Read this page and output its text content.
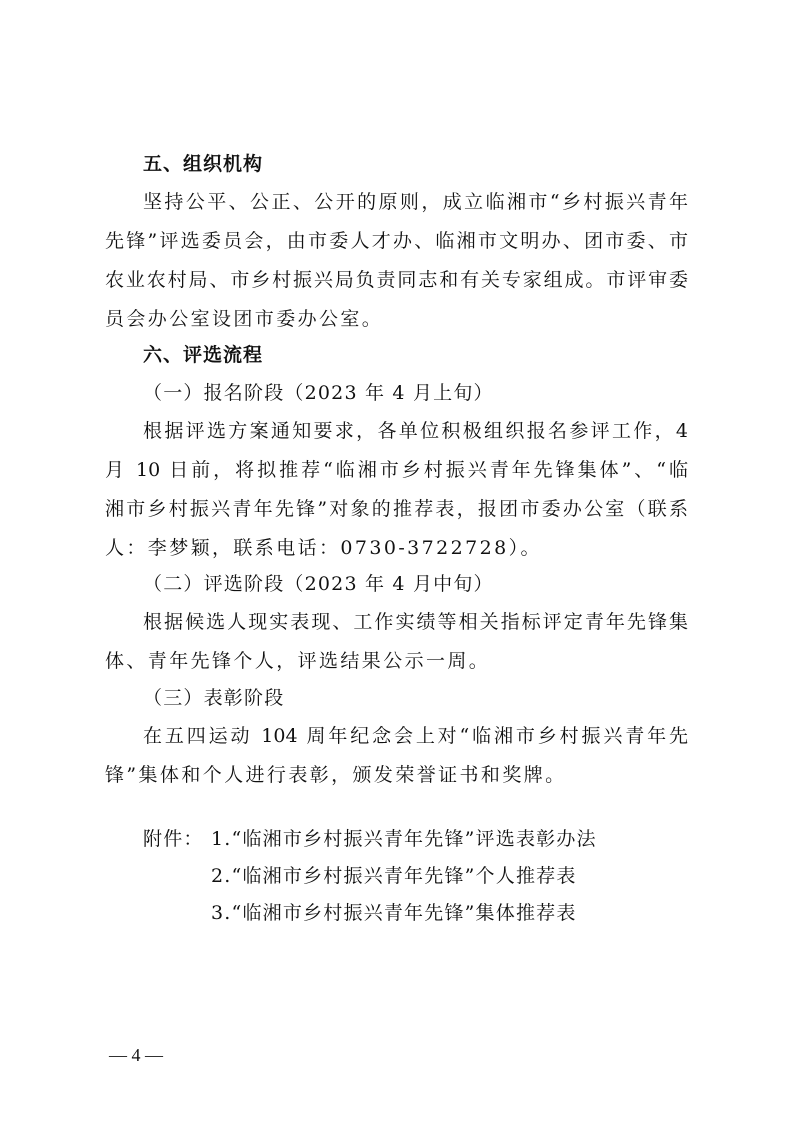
五、组织机构
坚持公平、公正、公开的原则，成立临湘市“乡村振兴青年
先锋”评选委员会，由市委人才办、临湘市文明办、团市委、市
农业农村局、市乡村振兴局负责同志和有关专家组成。市评审委
员会办公室设团市委办公室。
六、评选流程
（一）报名阶段（2023 年 4 月上旬）
根据评选方案通知要求，各单位积极组织报名参评工作，4
月 10 日前，将拟推荐“临湘市乡村振兴青年先锋集体”、“临
湘市乡村振兴青年先锋”对象的推荐表，报团市委办公室（联系
人：李梦颖，联系电话：0730-3722728）。
（二）评选阶段（2023 年 4 月中旬）
根据候选人现实表现、工作实绩等相关指标评定青年先锋集
体、青年先锋个人，评选结果公示一周。
（三）表彰阶段
在五四运动 104 周年纪念会上对“临湘市乡村振兴青年先
锋”集体和个人进行表彰，颁发荣誉证书和奖牌。
附件： 1.“临湘市乡村振兴青年先锋”评选表彰办法
2.“临湘市乡村振兴青年先锋”个人推荐表
3.“临湘市乡村振兴青年先锋”集体推荐表
— 4 —
